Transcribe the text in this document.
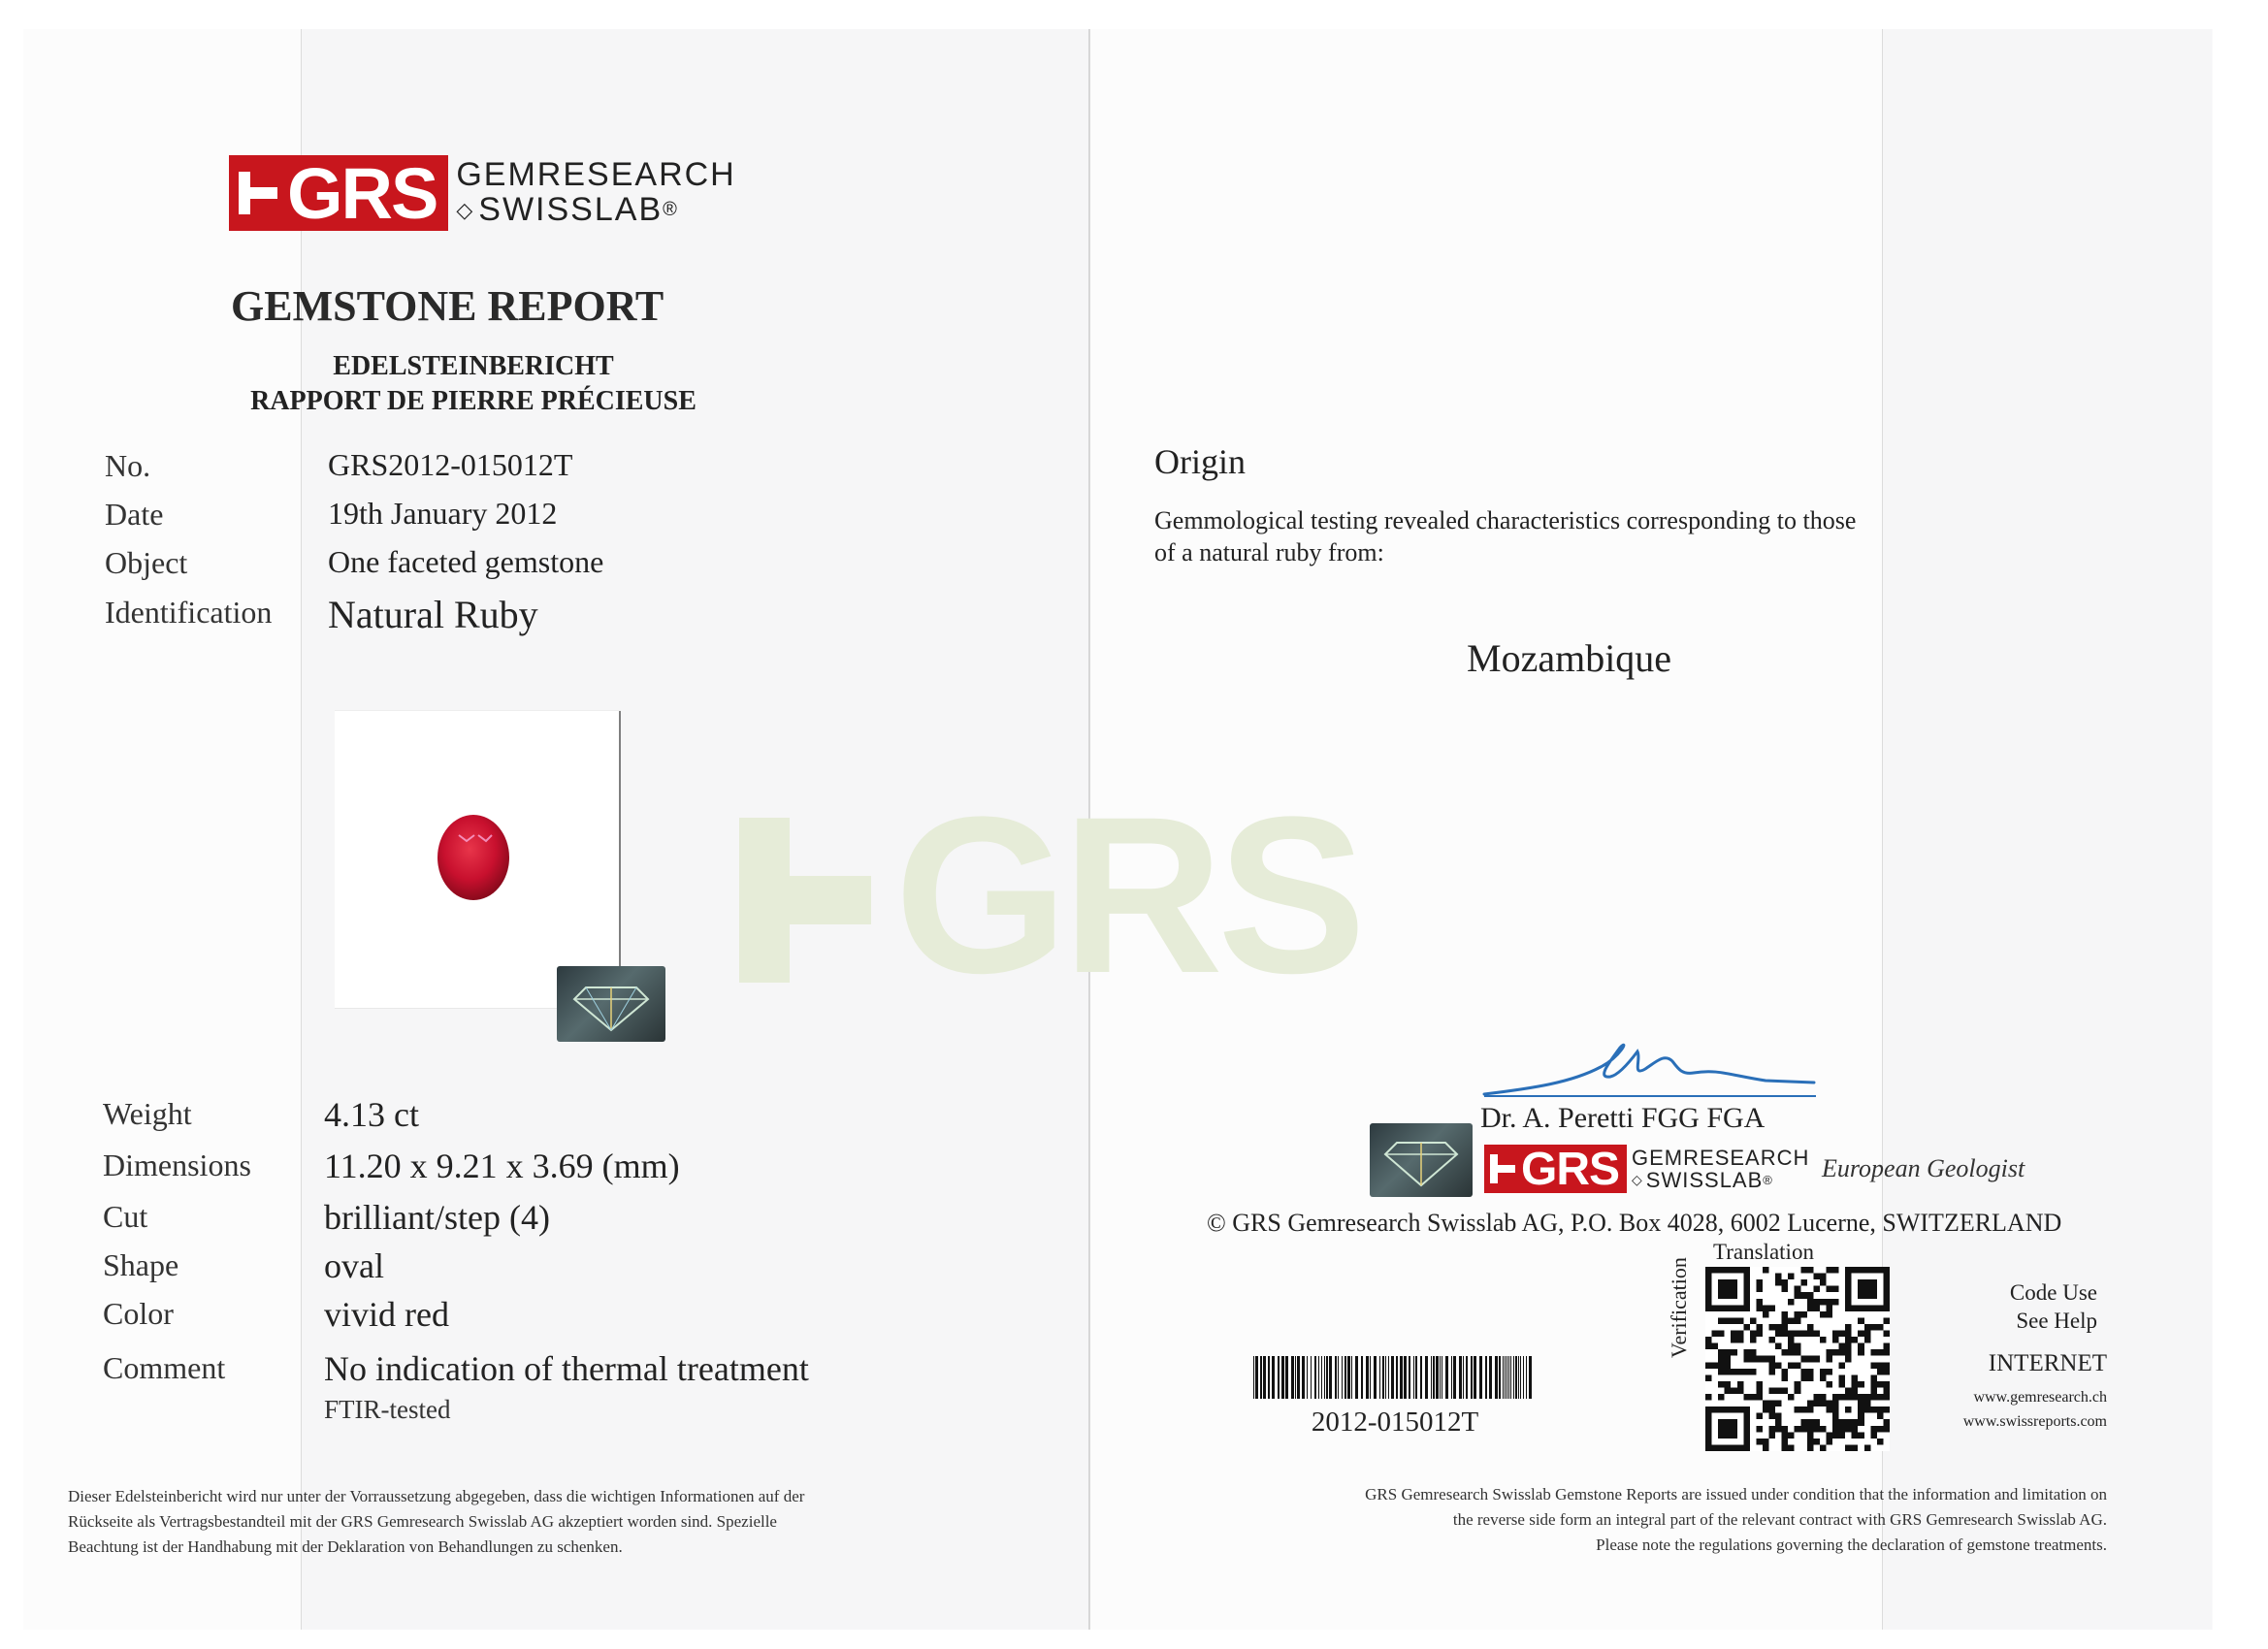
GRS GEMRESEARCH
◇ SWISSLAB ®
GEMSTONE REPORT
EDELSTEINBERICHT
RAPPORT DE PIERRE PRÉCIEUSE
No.	GRS2012-015012T
Date	19th January 2012
Object	One faceted gemstone
Identification Natural Ruby
Weight	4.13 ct
Dimensions 11.20 x 9.21 x 3.69 (mm)
Cut	brilliant/step (4)
Shape	oval
Color	vivid red
Comment	No indication of thermal treatment
FTIR-tested
Dieser Edelsteinbericht wird nur unter der Vorraussetzung abgegeben, dass die wichtigen Informationen auf der
Rückseite als Vertragsbestandteil mit der GRS Gemresearch Swisslab AG akzeptiert worden sind. Spezielle
Beachtung ist der Handhabung mit der Deklaration von Behandlungen zu schenken.
GRS
Origin
Gemmological testing revealed characteristics corresponding to those
of a natural ruby from:
Mozambique
Dr. A. Peretti FGG FGA
GRS GEMRESEARCH
◇ SWISSLAB ® European Geologist
© GRS Gemresearch Swisslab AG, P.O. Box 4028, 6002 Lucerne, SWITZERLAND
Translation
Verification	Code Use
See Help
INTERNET
www.gemresearch.ch
www.swissreports.com
2012-015012T
GRS Gemresearch Swisslab Gemstone Reports are issued under condition that the information and limitation on
the reverse side form an integral part of the relevant contract with GRS Gemresearch Swisslab AG.
Please note the regulations governing the declaration of gemstone treatments.
